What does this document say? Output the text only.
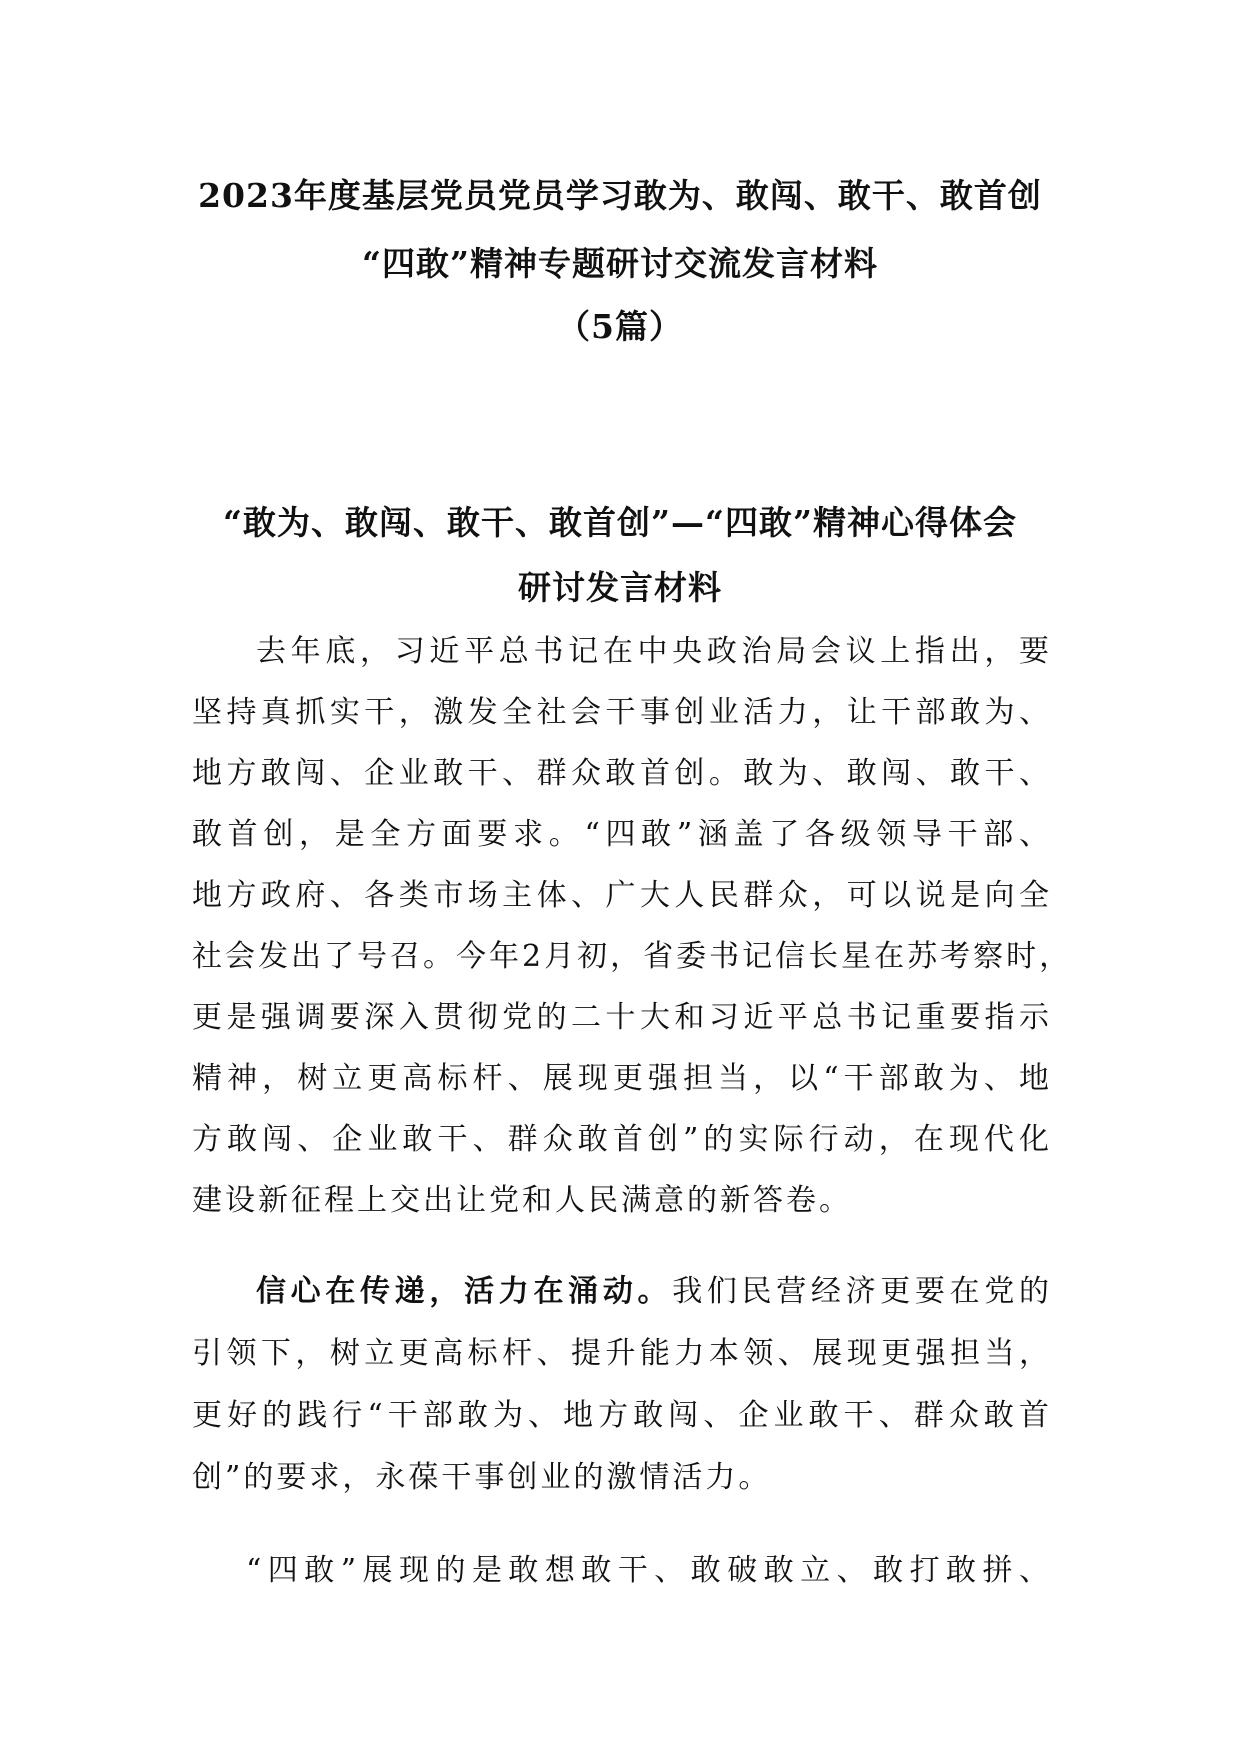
2023年度基层党员党员学习敢为、敢闯、敢干、敢首创
“四敢”精神专题研讨交流发言材料
（5篇）
“敢为、敢闯、敢干、敢首创”—“四敢”精神心得体会
研讨发言材料
去年底，习近平总书记在中央政治局会议上指出，要
坚持真抓实干，激发全社会干事创业活力，让干部敢为、
地方敢闯、企业敢干、群众敢首创。敢为、敢闯、敢干、
敢首创，是全方面要求。“四敢”涵盖了各级领导干部、
地方政府、各类市场主体、广大人民群众，可以说是向全
社会发出了号召。今年2月初，省委书记信长星在苏考察时，
更是强调要深入贯彻党的二十大和习近平总书记重要指示
精神，树立更高标杆、展现更强担当，以“干部敢为、地
方敢闯、企业敢干、群众敢首创”的实际行动，在现代化
建设新征程上交出让党和人民满意的新答卷。
信心在传递，活力在涌动。我们民营经济更要在党的
引领下，树立更高标杆、提升能力本领、展现更强担当，
更好的践行“干部敢为、地方敢闯、企业敢干、群众敢首
创”的要求，永葆干事创业的激情活力。
“四敢”展现的是敢想敢干、敢破敢立、敢打敢拼、
